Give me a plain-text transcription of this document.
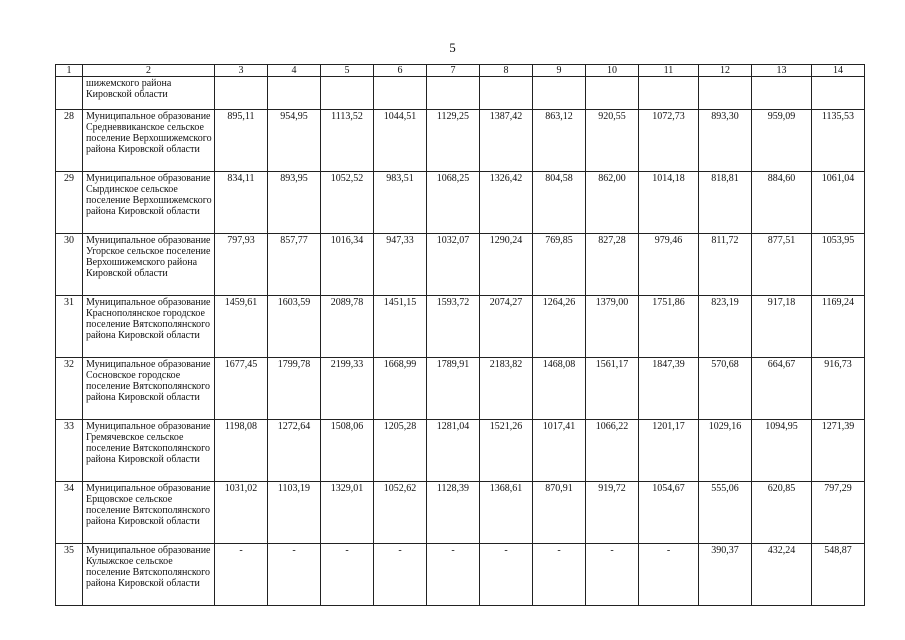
5
1	2	3	4	5	6	7	8	9	10	11	12	13	14
	шижемского района Кировской области												
28	Муниципальное образование Средневвиканское сельское поселение Верхошижемского района Кировской области	895,11	954,95	1113,52	1044,51	1129,25	1387,42	863,12	920,55	1072,73	893,30	959,09	1135,53
29	Муниципальное образование Сырдинское сельское поселение Верхошижемского района Кировской области	834,11	893,95	1052,52	983,51	1068,25	1326,42	804,58	862,00	1014,18	818,81	884,60	1061,04
30	Муниципальное образование Угорское сельское поселение Верхошижемского района Кировской области	797,93	857,77	1016,34	947,33	1032,07	1290,24	769,85	827,28	979,46	811,72	877,51	1053,95
31	Муниципальное образование Краснополянское городское поселение Вятскополянского района Кировской области	1459,61	1603,59	2089,78	1451,15	1593,72	2074,27	1264,26	1379,00	1751,86	823,19	917,18	1169,24
32	Муниципальное образование Сосновское городское поселение Вятскополянского района Кировской области	1677,45	1799,78	2199,33	1668,99	1789,91	2183,82	1468,08	1561,17	1847,39	570,68	664,67	916,73
33	Муниципальное образование Гремячевское сельское поселение Вятскополянского района Кировской области	1198,08	1272,64	1508,06	1205,28	1281,04	1521,26	1017,41	1066,22	1201,17	1029,16	1094,95	1271,39
34	Муниципальное образование Ерщовское сельское поселение Вятскополянского района Кировской области	1031,02	1103,19	1329,01	1052,62	1128,39	1368,61	870,91	919,72	1054,67	555,06	620,85	797,29
35	Муниципальное образование Кулыжское сельское поселение Вятскополянского района Кировской области	-	-	-	-	-	-	-	-	-	390,37	432,24	548,87
